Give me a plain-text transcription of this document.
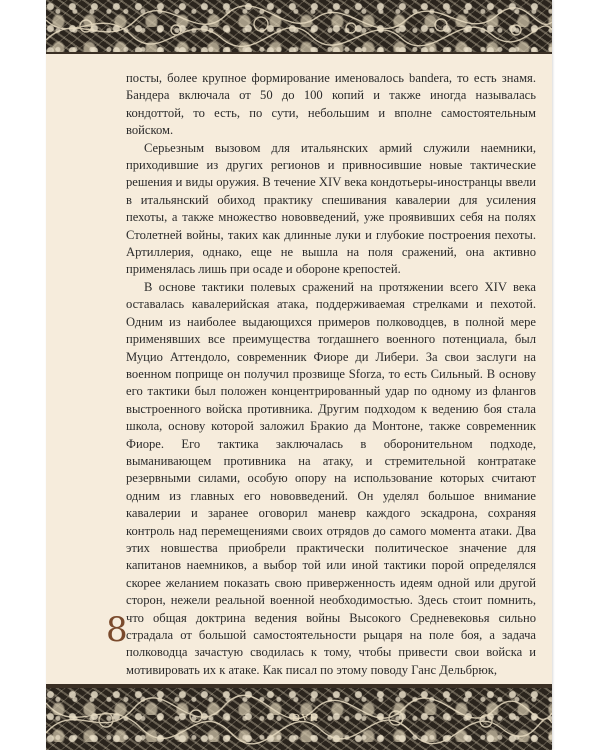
посты, более крупное формирование именовалось bandera, то есть знамя. Бандера включала от 50 до 100 копий и также иногда называлась кондоттой, то есть, по сути, небольшим и вполне самостоятельным войском.

Серьезным вызовом для итальянских армий служили наемники, приходившие из других регионов и привносившие новые тактические решения и виды оружия. В течение XIV века кондотьеры-иностранцы ввели в итальянский обиход практику спешивания кавалерии для усиления пехоты, а также множество нововведений, уже проявивших себя на полях Столетней войны, таких как длинные луки и глубокие построения пехоты. Артиллерия, однако, еще не вышла на поля сражений, она активно применялась лишь при осаде и обороне крепостей.

В основе тактики полевых сражений на протяжении всего XIV века оставалась кавалерийская атака, поддерживаемая стрелками и пехотой. Одним из наиболее выдающихся примеров полководцев, в полной мере применявших все преимущества тогдашнего военного потенциала, был Муцио Аттендоло, современник Фиоре ди Либери. За свои заслуги на военном поприще он получил прозвище Sforza, то есть Сильный. В основу его тактики был положен концентрированный удар по одному из флангов выстроенного войска противника. Другим подходом к ведению боя стала школа, основу которой заложил Бракио да Монтоне, также современник Фиоре. Его тактика заключалась в оборонительном подходе, выманивающем противника на атаку, и стремительной контратаке резервными силами, особую опору на использование которых считают одним из главных его нововведений. Он уделял большое внимание кавалерии и заранее оговорил маневр каждого эскадрона, сохраняя контроль над перемещениями своих отрядов до самого момента атаки. Два этих новшества приобрели практически политическое значение для капитанов наемников, а выбор той или иной тактики порой определялся скорее желанием показать свою приверженность идеям одной или другой сторон, нежели реальной военной необходимостью. Здесь стоит помнить, что общая доктрина ведения войны Высокого Средневековья сильно страдала от большой самостоятельности рыцаря на поле боя, а задача полководца зачастую сводилась к тому, чтобы привести свои войска и мотивировать их к атаке. Как писал по этому поводу Ганс Дельбрюк,

8
DVH
